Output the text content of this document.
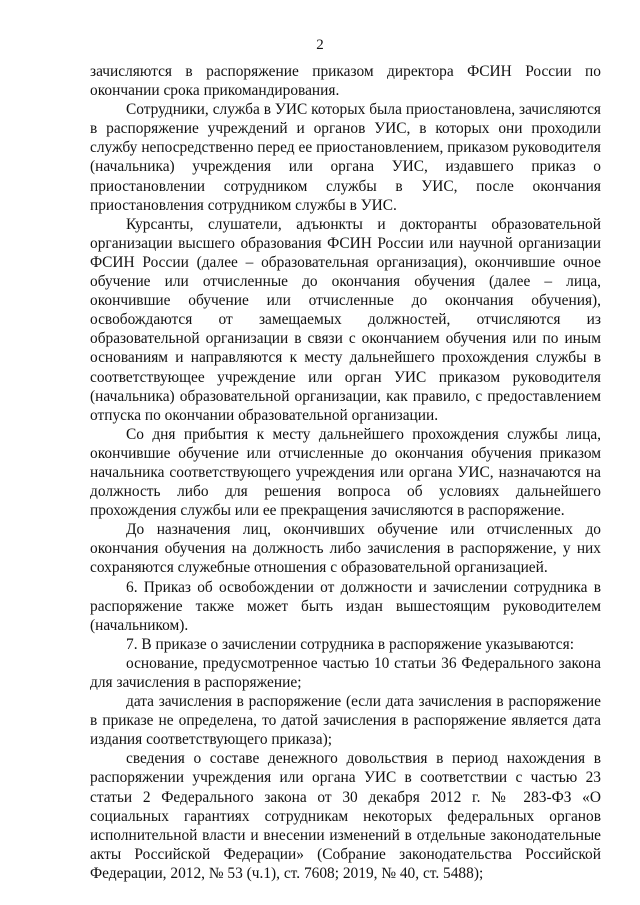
2

зачисляются в распоряжение приказом директора ФСИН России по окончании срока прикомандирования.

Сотрудники, служба в УИС которых была приостановлена, зачисляются в распоряжение учреждений и органов УИС, в которых они проходили службу непосредственно перед ее приостановлением, приказом руководителя (начальника) учреждения или органа УИС, издавшего приказ о приостановлении сотрудником службы в УИС, после окончания приостановления сотрудником службы в УИС.

Курсанты, слушатели, адъюнкты и докторанты образовательной организации высшего образования ФСИН России или научной организации ФСИН России (далее – образовательная организация), окончившие очное обучение или отчисленные до окончания обучения (далее – лица, окончившие обучение или отчисленные до окончания обучения), освобождаются от замещаемых должностей, отчисляются из образовательной организации в связи с окончанием обучения или по иным основаниям и направляются к месту дальнейшего прохождения службы в соответствующее учреждение или орган УИС приказом руководителя (начальника) образовательной организации, как правило, с предоставлением отпуска по окончании образовательной организации.

Со дня прибытия к месту дальнейшего прохождения службы лица, окончившие обучение или отчисленные до окончания обучения приказом начальника соответствующего учреждения или органа УИС, назначаются на должность либо для решения вопроса об условиях дальнейшего прохождения службы или ее прекращения зачисляются в распоряжение.

До назначения лиц, окончивших обучение или отчисленных до окончания обучения на должность либо зачисления в распоряжение, у них сохраняются служебные отношения с образовательной организацией.

6. Приказ об освобождении от должности и зачислении сотрудника в распоряжение также может быть издан вышестоящим руководителем (начальником).

7. В приказе о зачислении сотрудника в распоряжение указываются:

основание, предусмотренное частью 10 статьи 36 Федерального закона для зачисления в распоряжение;

дата зачисления в распоряжение (если дата зачисления в распоряжение в приказе не определена, то датой зачисления в распоряжение является дата издания соответствующего приказа);

сведения о составе денежного довольствия в период нахождения в распоряжении учреждения или органа УИС в соответствии с частью 23 статьи 2 Федерального закона от 30 декабря 2012 г. № 283-ФЗ «О социальных гарантиях сотрудникам некоторых федеральных органов исполнительной власти и внесении изменений в отдельные законодательные акты Российской Федерации» (Собрание законодательства Российской Федерации, 2012, № 53 (ч.1), ст. 7608; 2019, № 40, ст. 5488);
